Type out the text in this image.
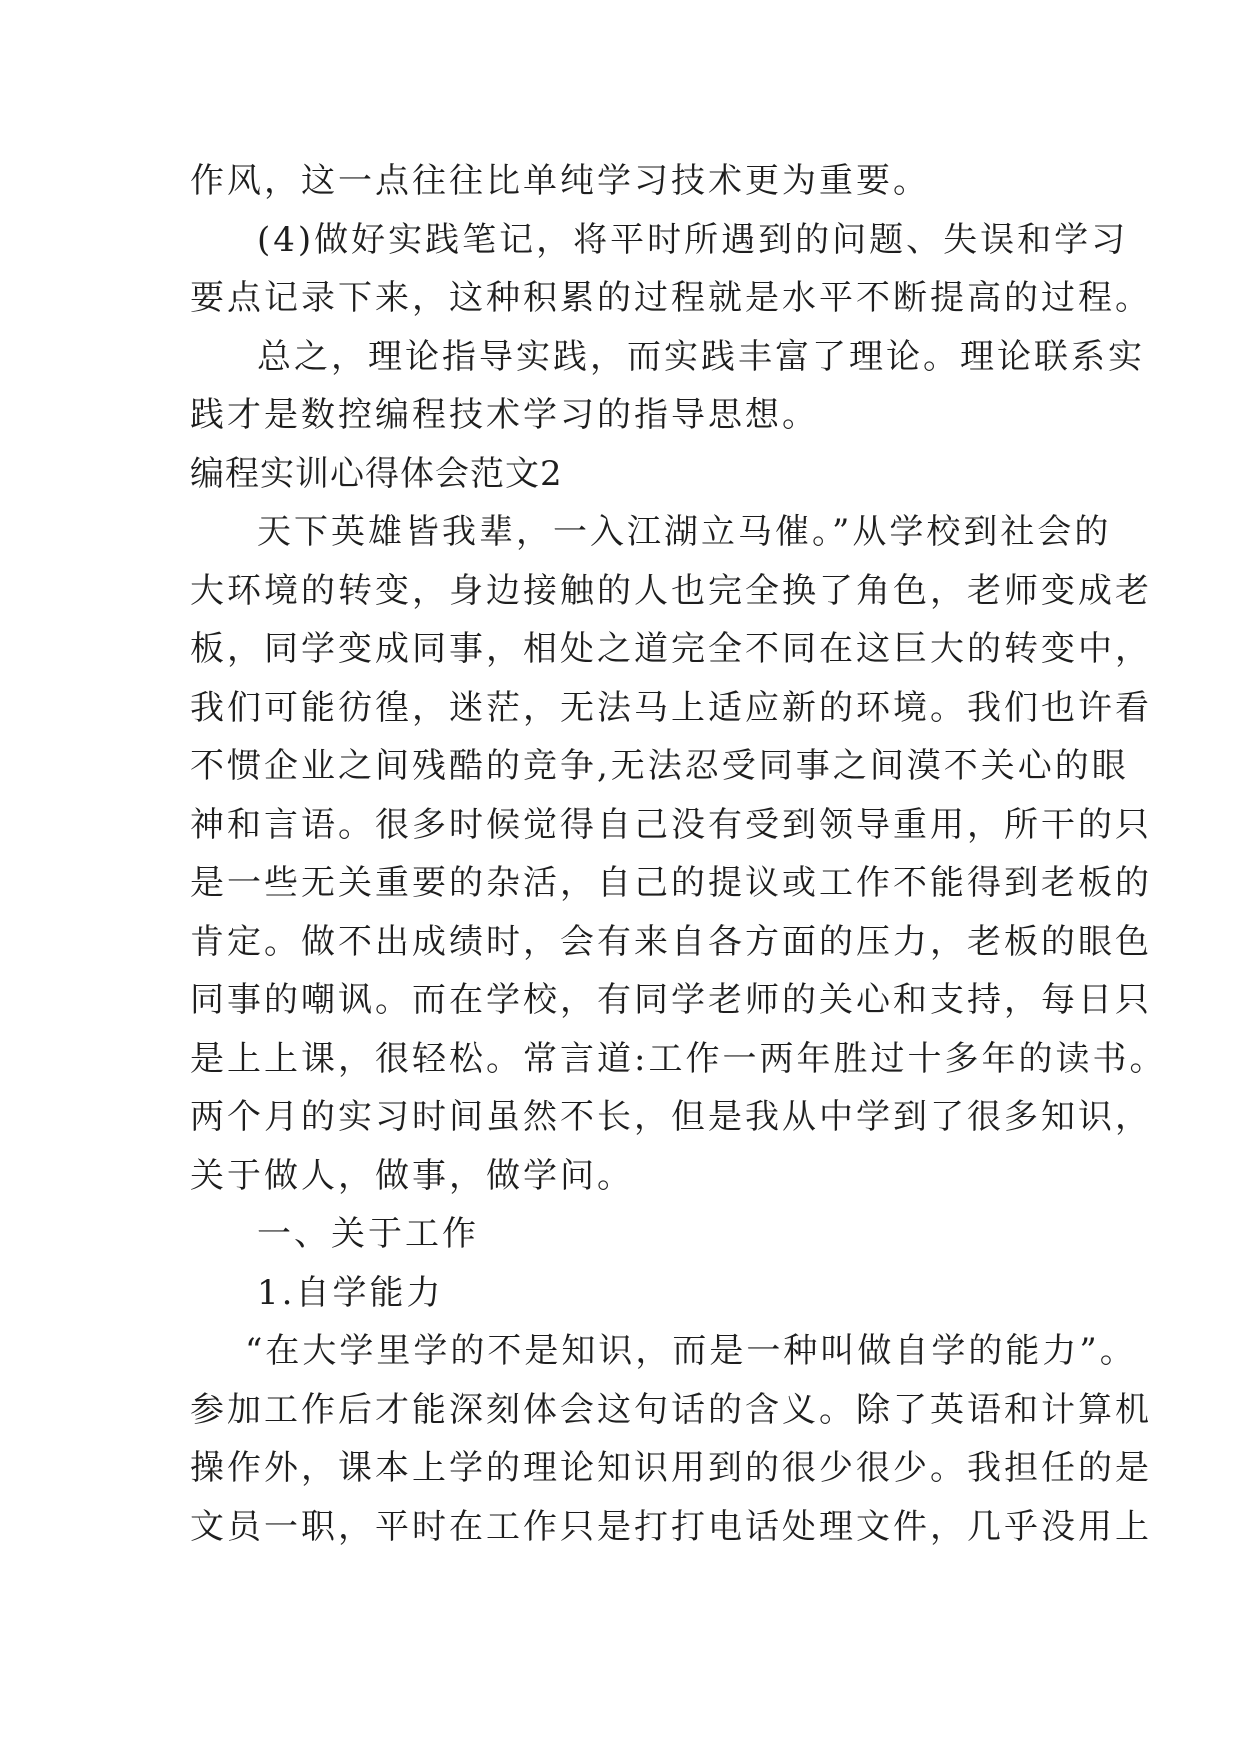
作风，这一点往往比单纯学习技术更为重要。
(4)做好实践笔记，将平时所遇到的问题、失误和学习
要点记录下来，这种积累的过程就是水平不断提高的过程。
总之，理论指导实践，而实践丰富了理论。理论联系实
践才是数控编程技术学习的指导思想。
编程实训心得体会范文2
天下英雄皆我辈，一入江湖立马催。”从学校到社会的
大环境的转变，身边接触的人也完全换了角色，老师变成老
板，同学变成同事，相处之道完全不同在这巨大的转变中，
我们可能彷徨，迷茫，无法马上适应新的环境。我们也许看
不惯企业之间残酷的竞争,无法忍受同事之间漠不关心的眼
神和言语。很多时候觉得自己没有受到领导重用，所干的只
是一些无关重要的杂活，自己的提议或工作不能得到老板的
肯定。做不出成绩时，会有来自各方面的压力，老板的眼色
同事的嘲讽。而在学校，有同学老师的关心和支持，每日只
是上上课，很轻松。常言道:工作一两年胜过十多年的读书。
两个月的实习时间虽然不长，但是我从中学到了很多知识，
关于做人，做事，做学问。
一、关于工作
1.自学能力
“在大学里学的不是知识，而是一种叫做自学的能力”。
参加工作后才能深刻体会这句话的含义。除了英语和计算机
操作外，课本上学的理论知识用到的很少很少。我担任的是
文员一职，平时在工作只是打打电话处理文件，几乎没用上
